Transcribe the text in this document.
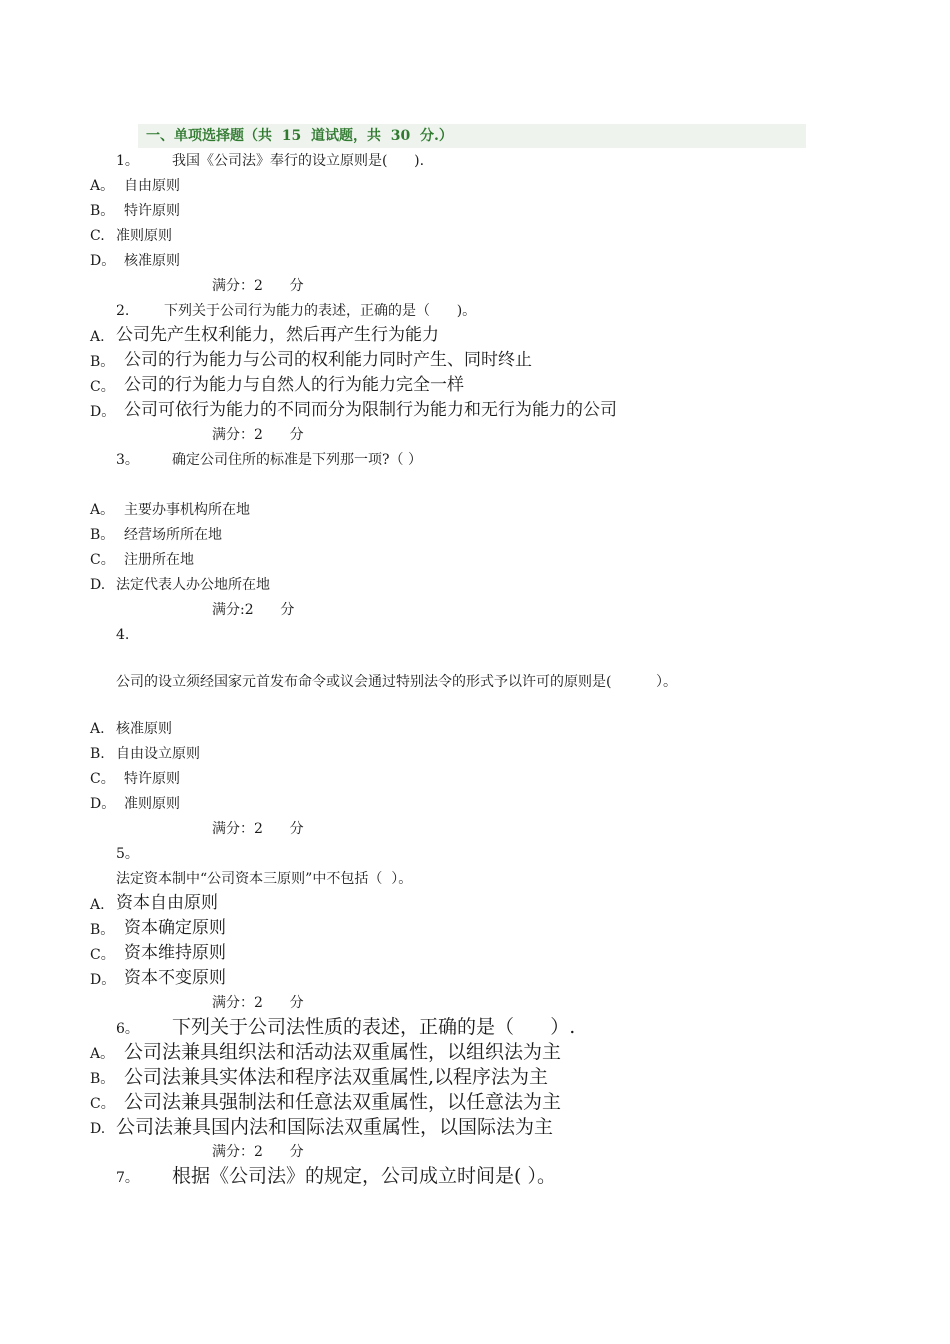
一、单项选择题（共  15  道试题，共  30  分.）
1。 我国《公司法》奉行的设立原则是(      ).
A。 自由原则
B。 特许原则
C. 准则原则
D。 核准原则
满分：2      分
2. 下列关于公司行为能力的表述，正确的是（      )。
A. 公司先产生权利能力，然后再产生行为能力
B。 公司的行为能力与公司的权利能力同时产生、同时终止
C。 公司的行为能力与自然人的行为能力完全一样
D。 公司可依行为能力的不同而分为限制行为能力和无行为能力的公司
满分：2      分
3。 确定公司住所的标准是下列那一项?（ ）
A。 主要办事机构所在地
B。 经营场所所在地
C。 注册所在地
D. 法定代表人办公地所在地
满分:2      分
4.
公司的设立须经国家元首发布命令或议会通过特别法令的形式予以许可的原则是(          ）。
A. 核准原则
B. 自由设立原则
C。 特许原则
D。 准则原则
满分：2      分
5。
法定资本制中“公司资本三原则”中不包括（  ）。
A. 资本自由原则
B。 资本确定原则
C。 资本维持原则
D。 资本不变原则
满分：2      分
6。 下列关于公司法性质的表述，正确的是（      ）.
A。 公司法兼具组织法和活动法双重属性，以组织法为主
B。 公司法兼具实体法和程序法双重属性,以程序法为主
C。 公司法兼具强制法和任意法双重属性，以任意法为主
D. 公司法兼具国内法和国际法双重属性，以国际法为主
满分：2      分
7。 根据《公司法》的规定，公司成立时间是( ）。
